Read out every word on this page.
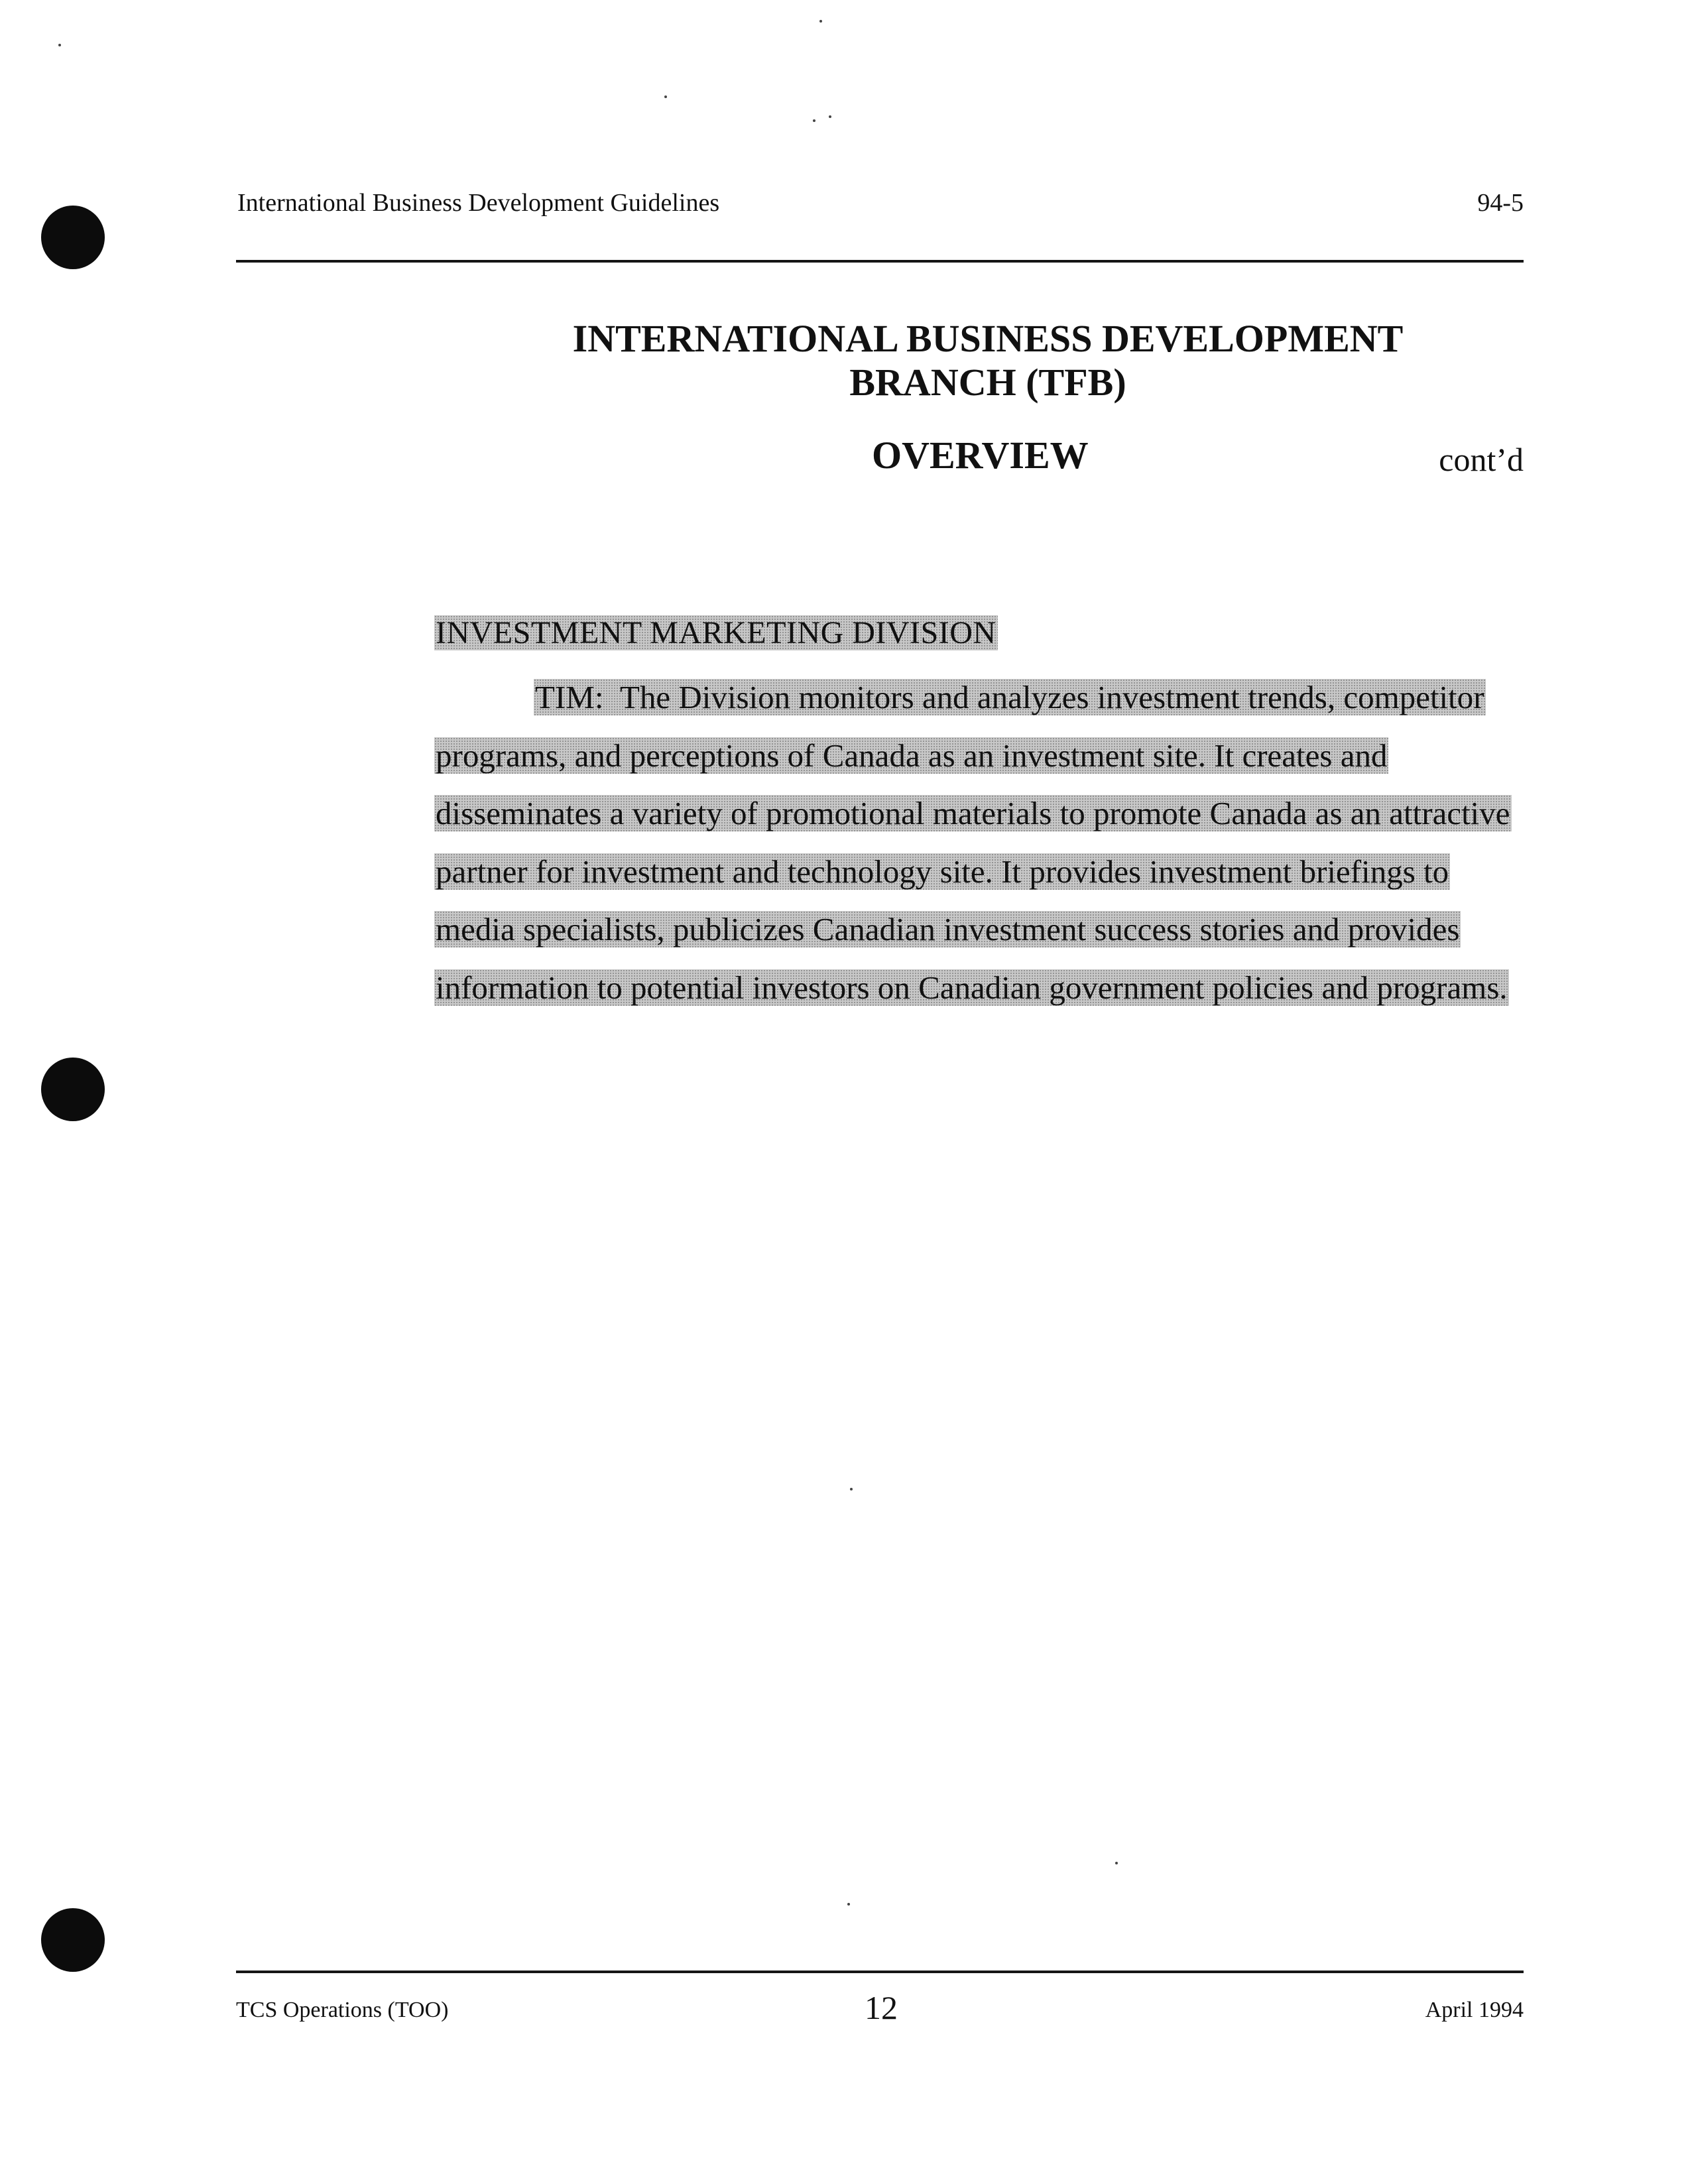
International Business Development Guidelines	94-5
INTERNATIONAL BUSINESS DEVELOPMENT
BRANCH (TFB)
OVERVIEW	cont’d
INVESTMENT MARKETING DIVISION
TIM: The Division monitors and analyzes investment trends, competitor programs, and perceptions of Canada as an investment site. It creates and disseminates a variety of promotional materials to promote Canada as an attractive partner for investment and technology site. It provides investment briefings to media specialists, publicizes Canadian investment success stories and provides information to potential investors on Canadian government policies and programs.
TCS Operations (TOO)	12	April 1994
